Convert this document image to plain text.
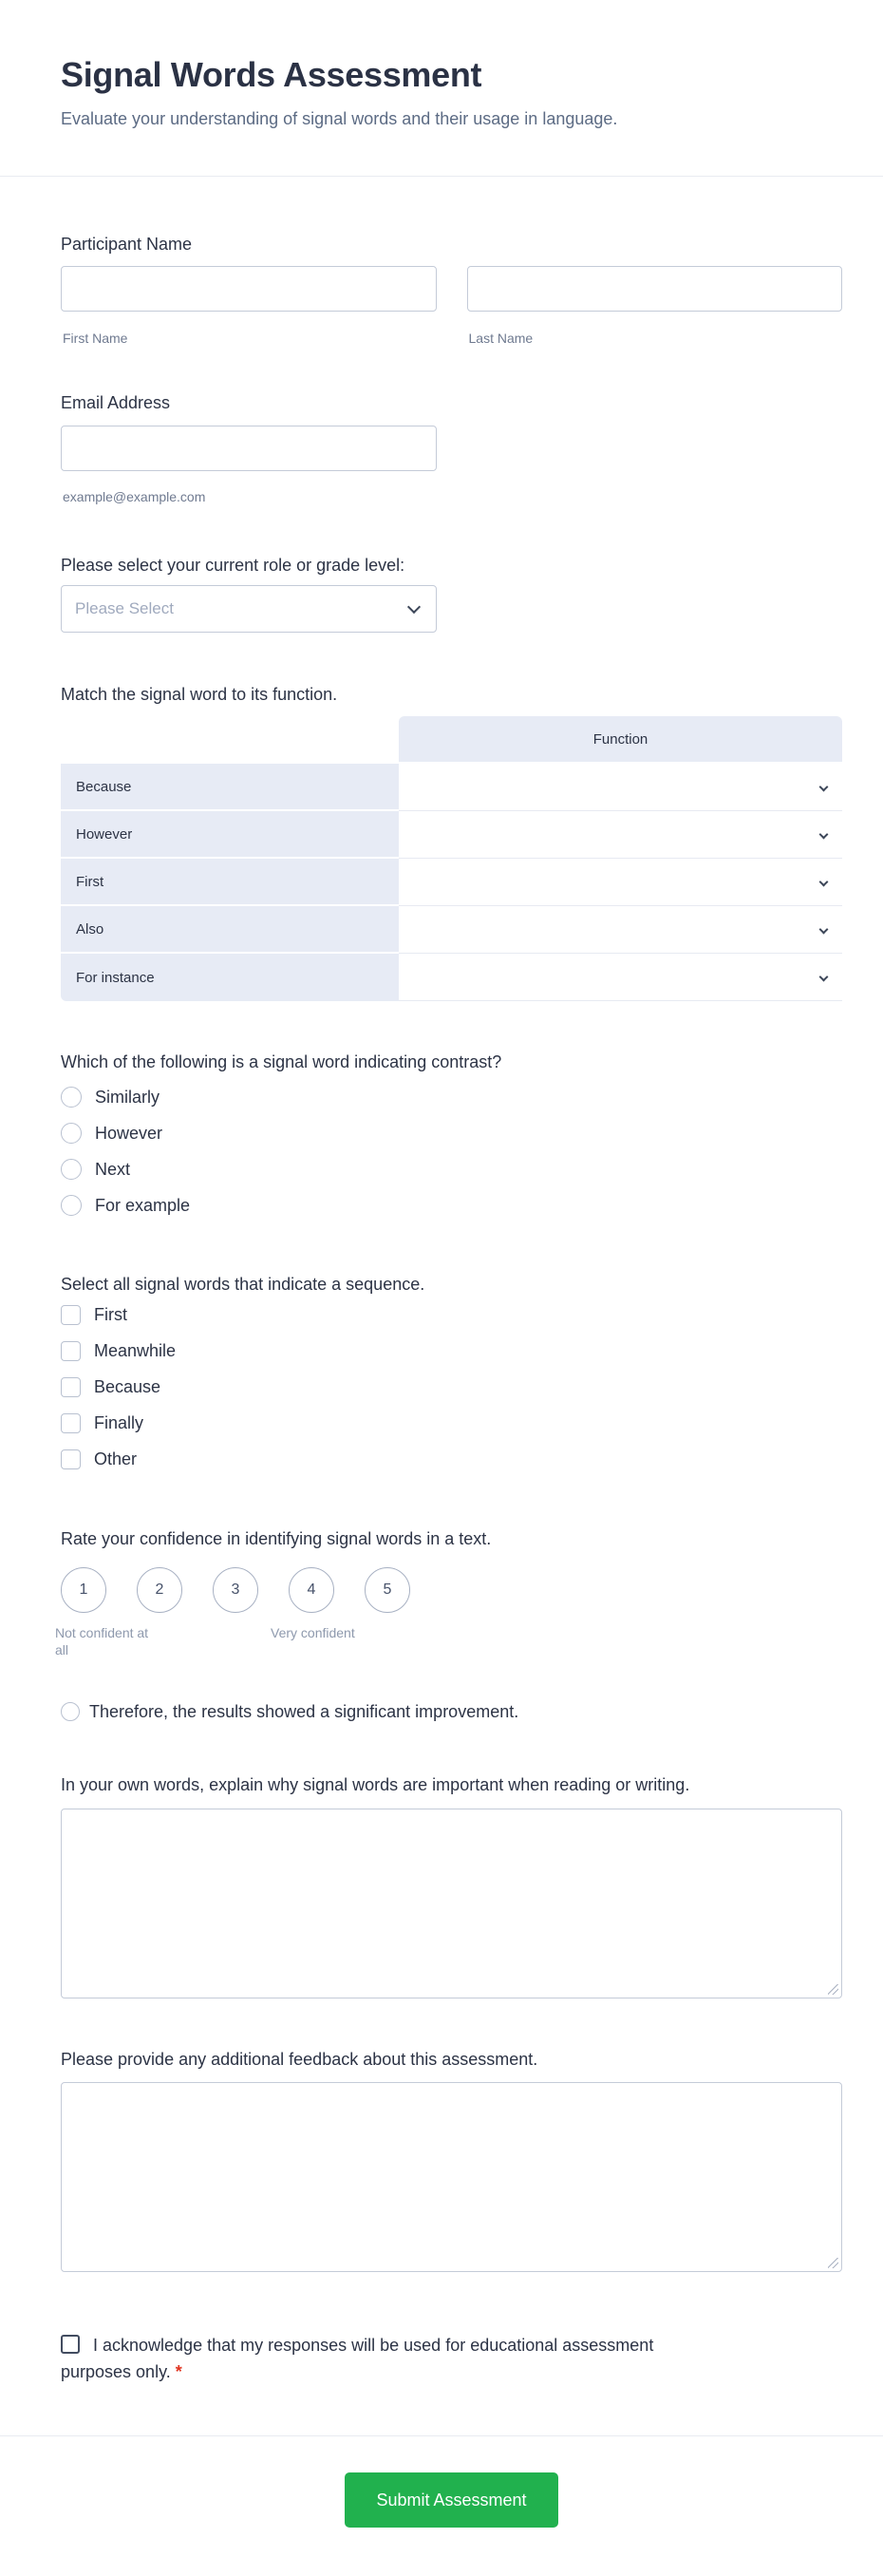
Signal Words Assessment
Evaluate your understanding of signal words and their usage in language.
Participant Name
First Name	Last Name
Email Address
example@example.com
Please select your current role or grade level:
Please Select
Match the signal word to its function.
Function
Because
However
First
Also
For instance
Which of the following is a signal word indicating contrast?
Similarly
However
Next
For example
Select all signal words that indicate a sequence.
First
Meanwhile
Because
Finally
Other
Rate your confidence in identifying signal words in a text.
1	2	3	4	5
Not confident at all
Very confident
Therefore, the results showed a significant improvement.
In your own words, explain why signal words are important when reading or writing.
Please provide any additional feedback about this assessment.
I acknowledge that my responses will be used for educational assessment purposes only. *
Submit Assessment
